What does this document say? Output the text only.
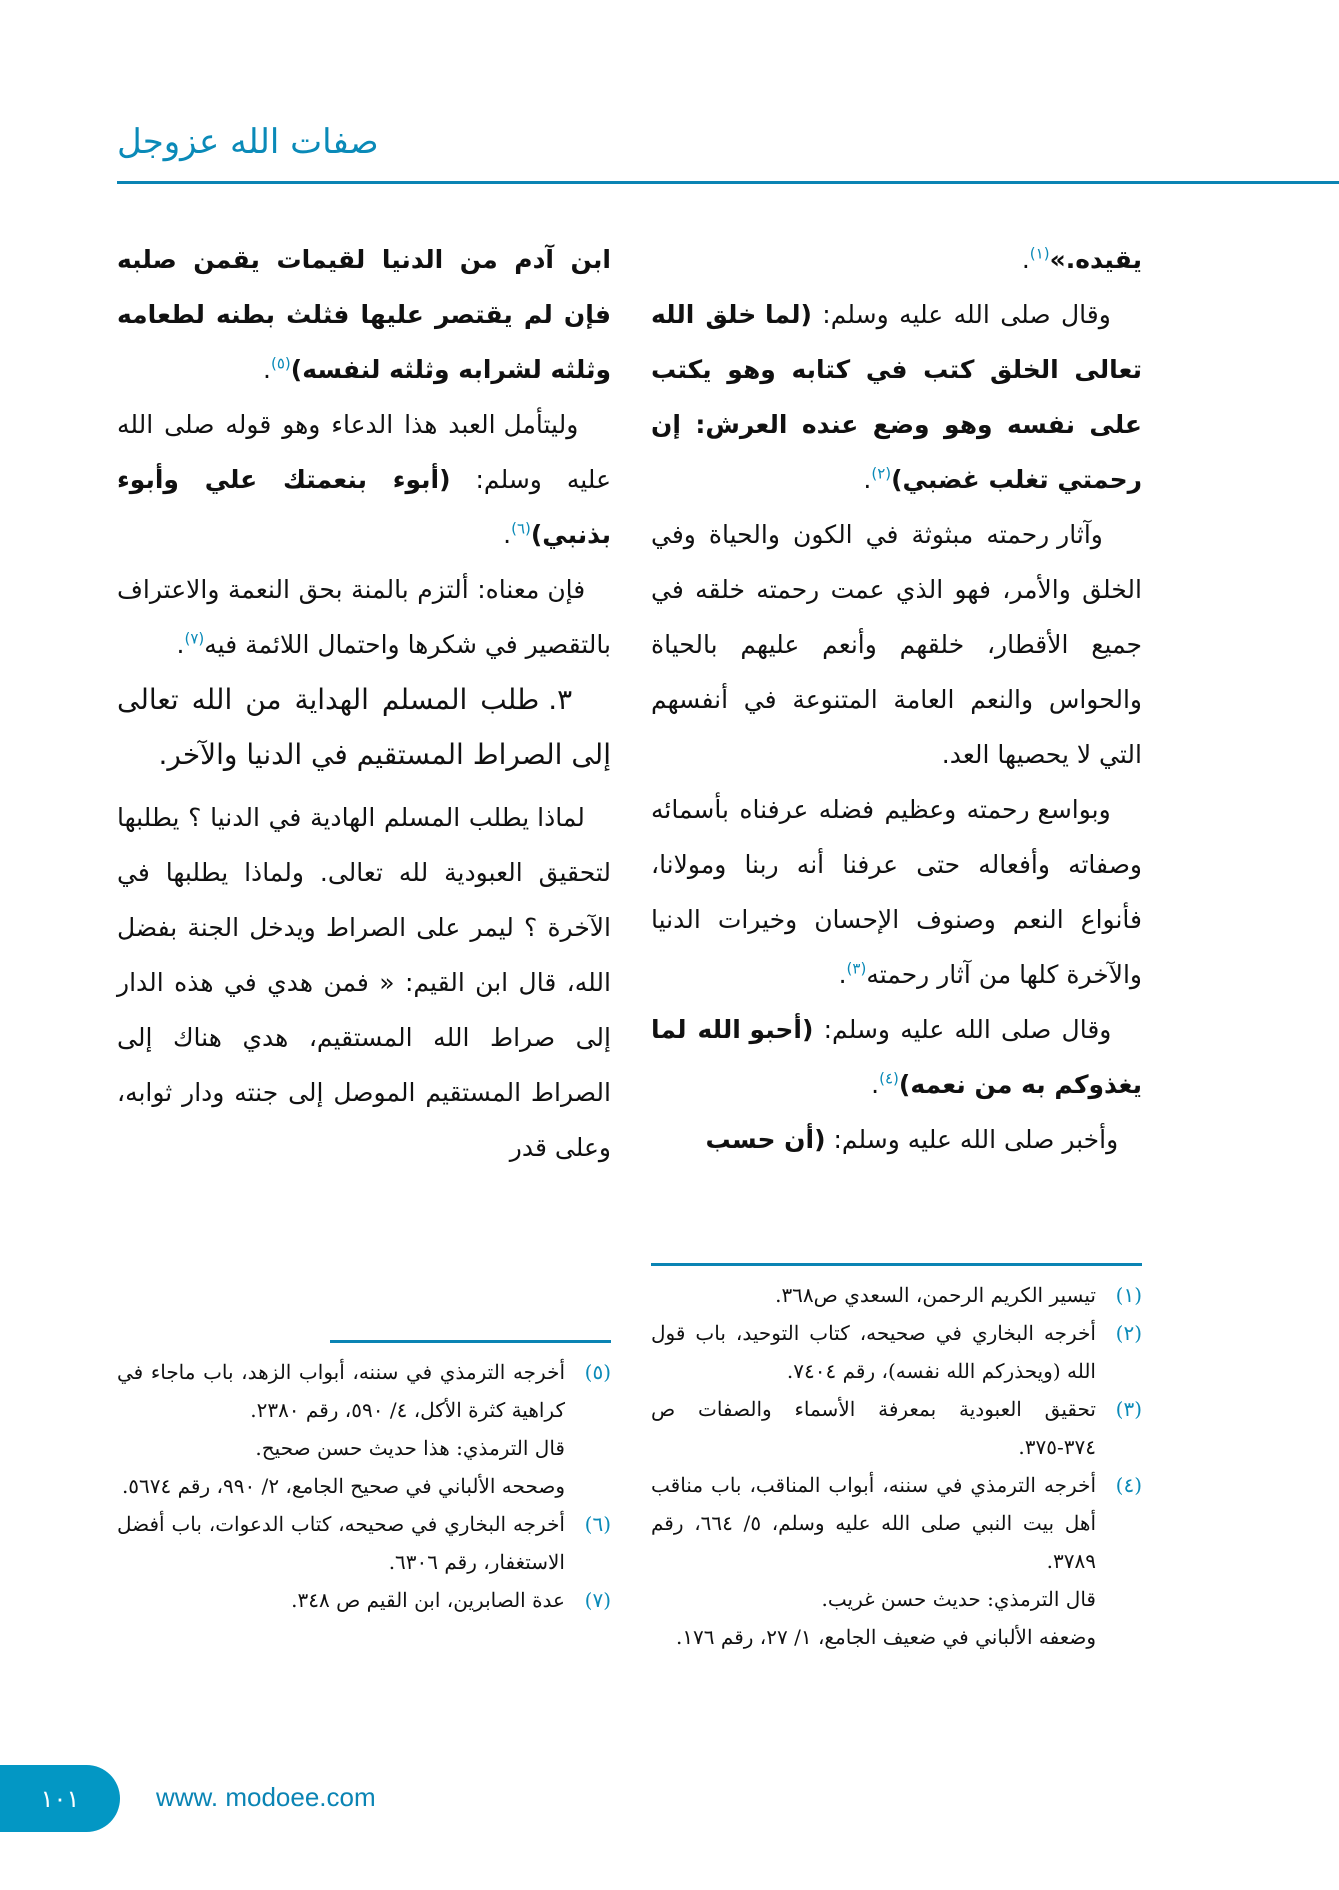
صفات الله عزوجل

يقيده.»$^{(١)}$.

وقال صلى الله عليه وسلم: (لما خلق الله تعالى الخلق كتب في كتابه وهو يكتب على نفسه وهو وضع عنده العرش: إن رحمتي تغلب غضبي)$^{(٢)}$.

وآثار رحمته مبثوثة في الكون والحياة وفي الخلق والأمر، فهو الذي عمت رحمته خلقه في جميع الأقطار، خلقهم وأنعم عليهم بالحياة والحواس والنعم العامة المتنوعة في أنفسهم التي لا يحصيها العد.

وبواسع رحمته وعظيم فضله عرفناه بأسمائه وصفاته وأفعاله حتى عرفنا أنه ربنا ومولانا، فأنواع النعم وصنوف الإحسان وخيرات الدنيا والآخرة كلها من آثار رحمته$^{(٣)}$.

وقال صلى الله عليه وسلم: (أحبو الله لما يغذوكم به من نعمه)$^{(٤)}$.

وأخبر صلى الله عليه وسلم: (أن حسب

ابن آدم من الدنيا لقيمات يقمن صلبه فإن لم يقتصر عليها فثلث بطنه لطعامه وثلثه لشرابه وثلثه لنفسه)$^{(٥)}$.

وليتأمل العبد هذا الدعاء وهو قوله صلى الله عليه وسلم: (أبوء بنعمتك علي وأبوء بذنبي)$^{(٦)}$.

فإن معناه: ألتزم بالمنة بحق النعمة والاعتراف بالتقصير في شكرها واحتمال اللائمة فيه$^{(٧)}$.

٣. طلب المسلم الهداية من الله تعالى إلى الصراط المستقيم في الدنيا والآخر.

لماذا يطلب المسلم الهادية في الدنيا ؟ يطلبها لتحقيق العبودية لله تعالى. ولماذا يطلبها في الآخرة ؟ ليمر على الصراط ويدخل الجنة بفضل الله، قال ابن القيم: « فمن هدي في هذه الدار إلى صراط الله المستقيم، هدي هناك إلى الصراط المستقيم الموصل إلى جنته ودار ثوابه، وعلى قدر

(١)
تيسير الكريم الرحمن، السعدي ص٣٦٨.
(٢)
أخرجه البخاري في صحيحه، كتاب التوحيد، باب قول الله (ويحذركم الله نفسه)، رقم ٧٤٠٤.
(٣)
تحقيق العبودية بمعرفة الأسماء والصفات ص ٣٧٤-٣٧٥.
(٤)
أخرجه الترمذي في سننه، أبواب المناقب، باب مناقب أهل بيت النبي صلى الله عليه وسلم، ٥/ ٦٦٤، رقم ٣٧٨٩.
قال الترمذي: حديث حسن غريب.
وضعفه الألباني في ضعيف الجامع، ١/ ٢٧، رقم ١٧٦.
(٥)
أخرجه الترمذي في سننه، أبواب الزهد، باب ماجاء في كراهية كثرة الأكل، ٤/ ٥٩٠، رقم ٢٣٨٠.
قال الترمذي: هذا حديث حسن صحيح.
وصححه الألباني في صحيح الجامع، ٢/ ٩٩٠، رقم ٥٦٧٤.
(٦)
أخرجه البخاري في صحيحه، كتاب الدعوات، باب أفضل الاستغفار، رقم ٦٣٠٦.
(٧)
عدة الصابرين، ابن القيم ص ٣٤٨.
١٠١	www. modoee.com
